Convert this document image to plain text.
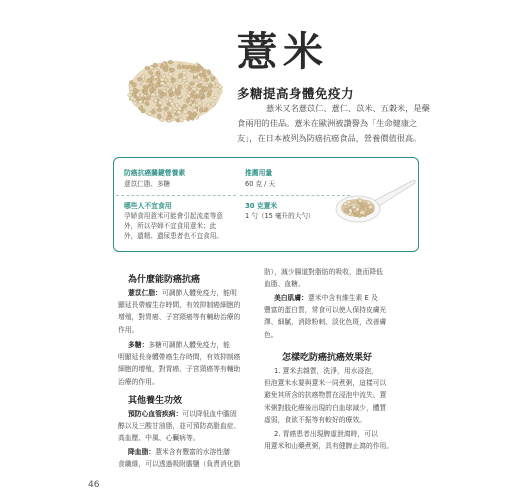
薏米
多糖提高身體免疫力
薏米又名薏苡仁、薏仁、苡米、五穀米，是藥
食兩用的佳品。薏米在歐洲被讚譽為「生命健康之
友」，在日本被列為防癌抗癌食品，營養價值很高。
防癌抗癌關鍵營養素
薏苡仁脂、多糖
推薦用量
60 克 / 天
哪些人不宜食用
孕婦食用薏米可能會引起流產等意
外，所以孕婦不宜食用薏米；此
外，遺精、遺尿患者也不宜食用。
30 克薏米
1 勺（15 毫升的大勺）
為什麼能防癌抗癌
薏苡仁脂：可調節人體免疫力，能明
顯延長帶瘤生存時間，有效抑制癌細胞的
增殖，對胃癌、子宮頸癌等有輔助治療的
作用。
多糖：多糖可調節人體免疫力，能
明顯延長身體帶癌生存時間，有效抑制癌
細胞的增殖，對胃癌、子宮頸癌等有輔助
治療的作用。
其他養生功效
預防心血管疾病：可以降低血中膽固
醇以及三酸甘油脂，並可預防高脂血症、
高血壓、中風、心臟病等。
降血脂：薏米含有豐富的水溶性膳
食纖維，可以透過吸附膽鹽（負責消化脂
肪），減少腸道對脂肪的吸收，進而降低
血脂、血糖。
美白肌膚：薏米中含有維生素 E 及
豐富的蛋白質，常食可以使人保持皮膚光
澤、細膩，消除粉刺、淡化色斑，改善膚
色。
怎樣吃防癌抗癌效果好
1. 薏米去雜質，洗淨，用水浸泡，
但泡薏米水要與薏米一同煮粥，這樣可以
避免其所含的抗癌物質在浸泡中流失。薏
米粥對肢化療後出現的白血球減少，體質
虛弱，食欲不振等有較好的療效。
2. 胃癌患者出現脾虛泄瀉時，可以
用薏米和山藥煮粥，具有健脾止瀉的作用。
46
